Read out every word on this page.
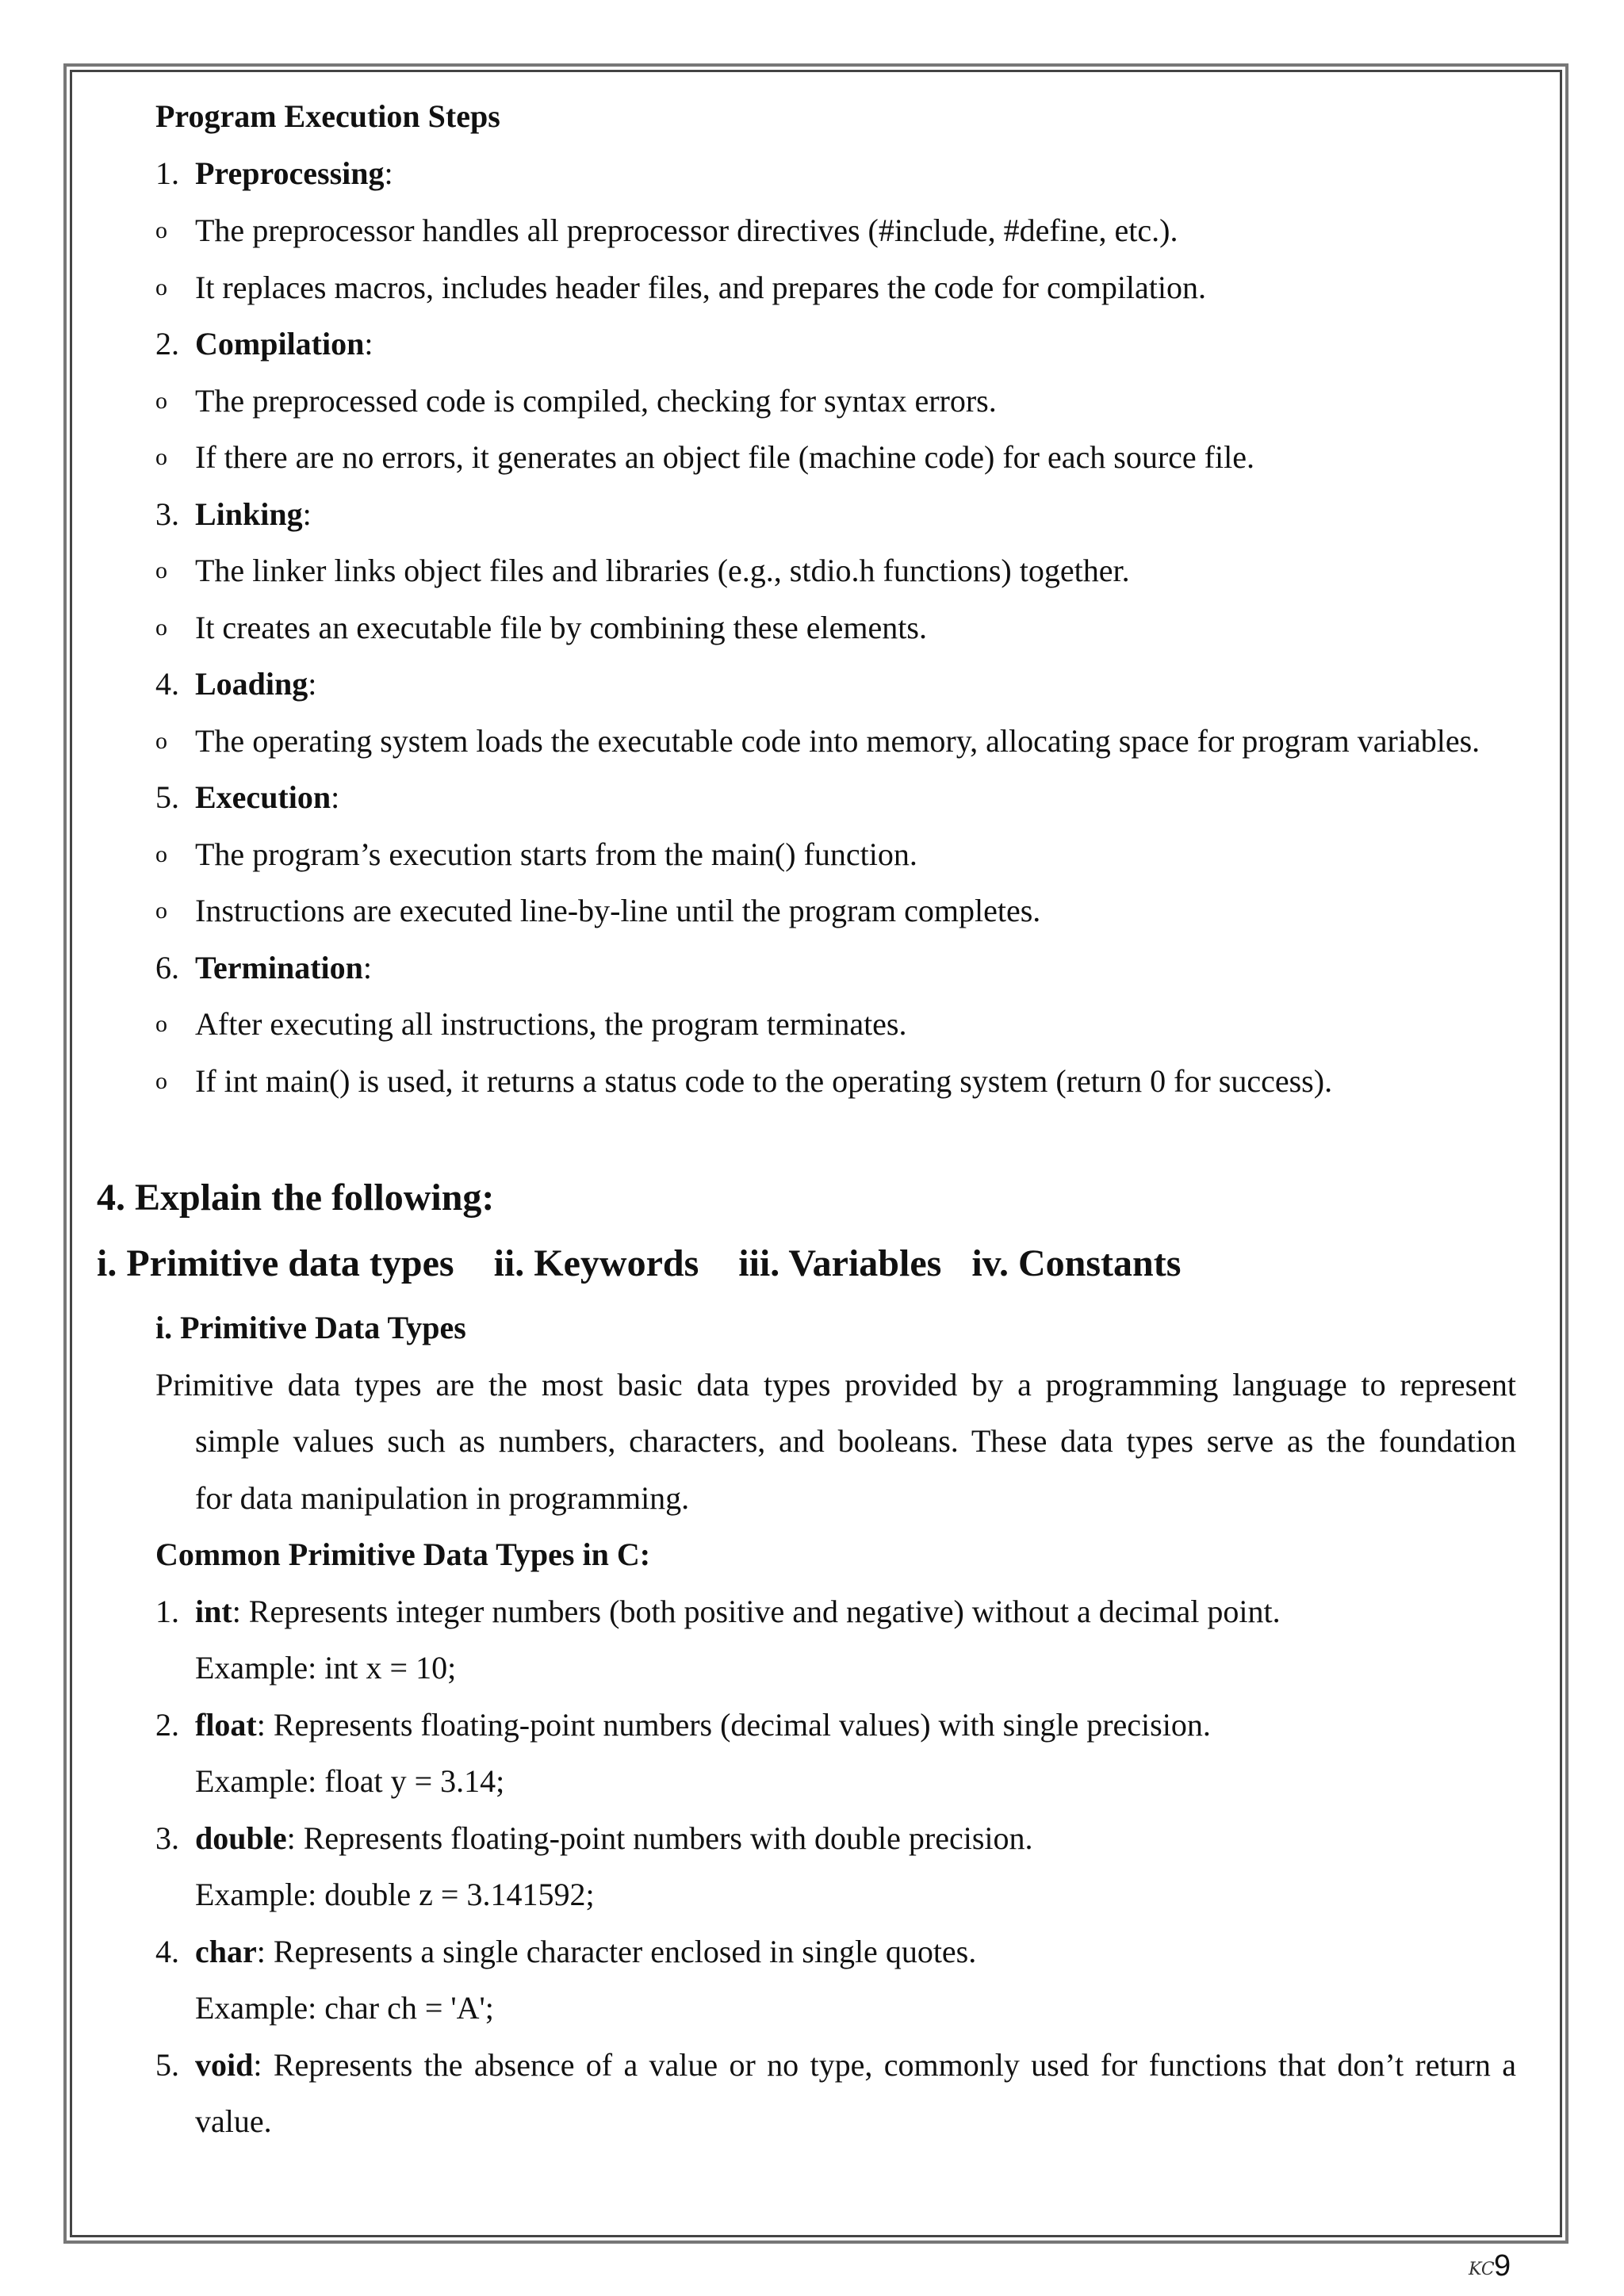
Program Execution Steps
1. Preprocessing:
o The preprocessor handles all preprocessor directives (#include, #define, etc.).
o It replaces macros, includes header files, and prepares the code for compilation.
2. Compilation:
o The preprocessed code is compiled, checking for syntax errors.
o If there are no errors, it generates an object file (machine code) for each source file.
3. Linking:
o The linker links object files and libraries (e.g., stdio.h functions) together.
o It creates an executable file by combining these elements.
4. Loading:
o The operating system loads the executable code into memory, allocating space for program variables.
5. Execution:
o The program’s execution starts from the main() function.
o Instructions are executed line-by-line until the program completes.
6. Termination:
o After executing all instructions, the program terminates.
o If int main() is used, it returns a status code to the operating system (return 0 for success).
4. Explain the following:
i. Primitive data types ii. Keywords iii. Variables iv. Constants
i. Primitive Data Types
Primitive data types are the most basic data types provided by a programming language to represent
simple values such as numbers, characters, and booleans. These data types serve as the foundation
for data manipulation in programming.
Common Primitive Data Types in C:
1. int: Represents integer numbers (both positive and negative) without a decimal point.
Example: int x = 10;
2. float: Represents floating-point numbers (decimal values) with single precision.
Example: float y = 3.14;
3. double: Represents floating-point numbers with double precision.
Example: double z = 3.141592;
4. char: Represents a single character enclosed in single quotes.
Example: char ch = 'A';
5. void: Represents the absence of a value or no type, commonly used for functions that don’t return a
value.
KC 9
